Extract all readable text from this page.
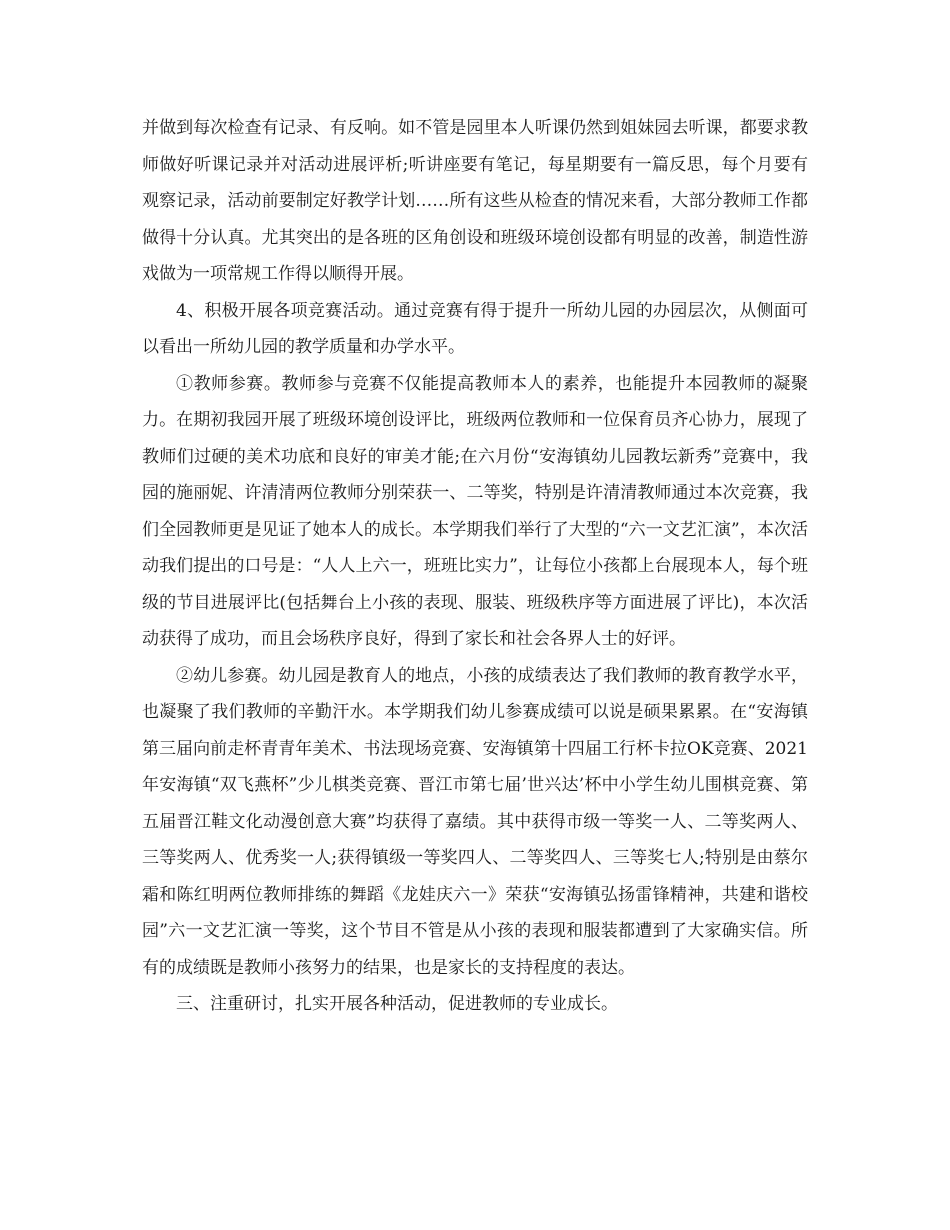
并做到每次检查有记录、有反响。如不管是园里本人听课仍然到姐妹园去听课，都要求教师做好听课记录并对活动进展评析;听讲座要有笔记，每星期要有一篇反思，每个月要有观察记录，活动前要制定好教学计划……所有这些从检查的情况来看，大部分教师工作都做得十分认真。尤其突出的是各班的区角创设和班级环境创设都有明显的改善，制造性游戏做为一项常规工作得以顺得开展。

4、积极开展各项竞赛活动。通过竞赛有得于提升一所幼儿园的办园层次，从侧面可以看出一所幼儿园的教学质量和办学水平。

①教师参赛。教师参与竞赛不仅能提高教师本人的素养，也能提升本园教师的凝聚力。在期初我园开展了班级环境创设评比，班级两位教师和一位保育员齐心协力，展现了教师们过硬的美术功底和良好的审美才能;在六月份“安海镇幼儿园教坛新秀”竞赛中，我园的施丽妮、许清清两位教师分别荣获一、二等奖，特别是许清清教师通过本次竞赛，我们全园教师更是见证了她本人的成长。本学期我们举行了大型的“六一文艺汇演”，本次活动我们提出的口号是：“人人上六一，班班比实力”，让每位小孩都上台展现本人，每个班级的节目进展评比(包括舞台上小孩的表现、服装、班级秩序等方面进展了评比)，本次活动获得了成功，而且会场秩序良好，得到了家长和社会各界人士的好评。

②幼儿参赛。幼儿园是教育人的地点，小孩的成绩表达了我们教师的教育教学水平，也凝聚了我们教师的辛勤汗水。本学期我们幼儿参赛成绩可以说是硕果累累。在“安海镇第三届向前走杯青青年美术、书法现场竞赛、安海镇第十四届工行杯卡拉OK竞赛、2021年安海镇“双飞燕杯”少儿棋类竞赛、晋江市第七届’世兴达’杯中小学生幼儿围棋竞赛、第五届晋江鞋文化动漫创意大赛”均获得了嘉绩。其中获得市级一等奖一人、二等奖两人、三等奖两人、优秀奖一人;获得镇级一等奖四人、二等奖四人、三等奖七人;特别是由蔡尔霜和陈红明两位教师排练的舞蹈《龙娃庆六一》荣获“安海镇弘扬雷锋精神，共建和谐校园”六一文艺汇演一等奖，这个节目不管是从小孩的表现和服装都遭到了大家确实信。所有的成绩既是教师小孩努力的结果，也是家长的支持程度的表达。

三、注重研讨，扎实开展各种活动，促进教师的专业成长。
